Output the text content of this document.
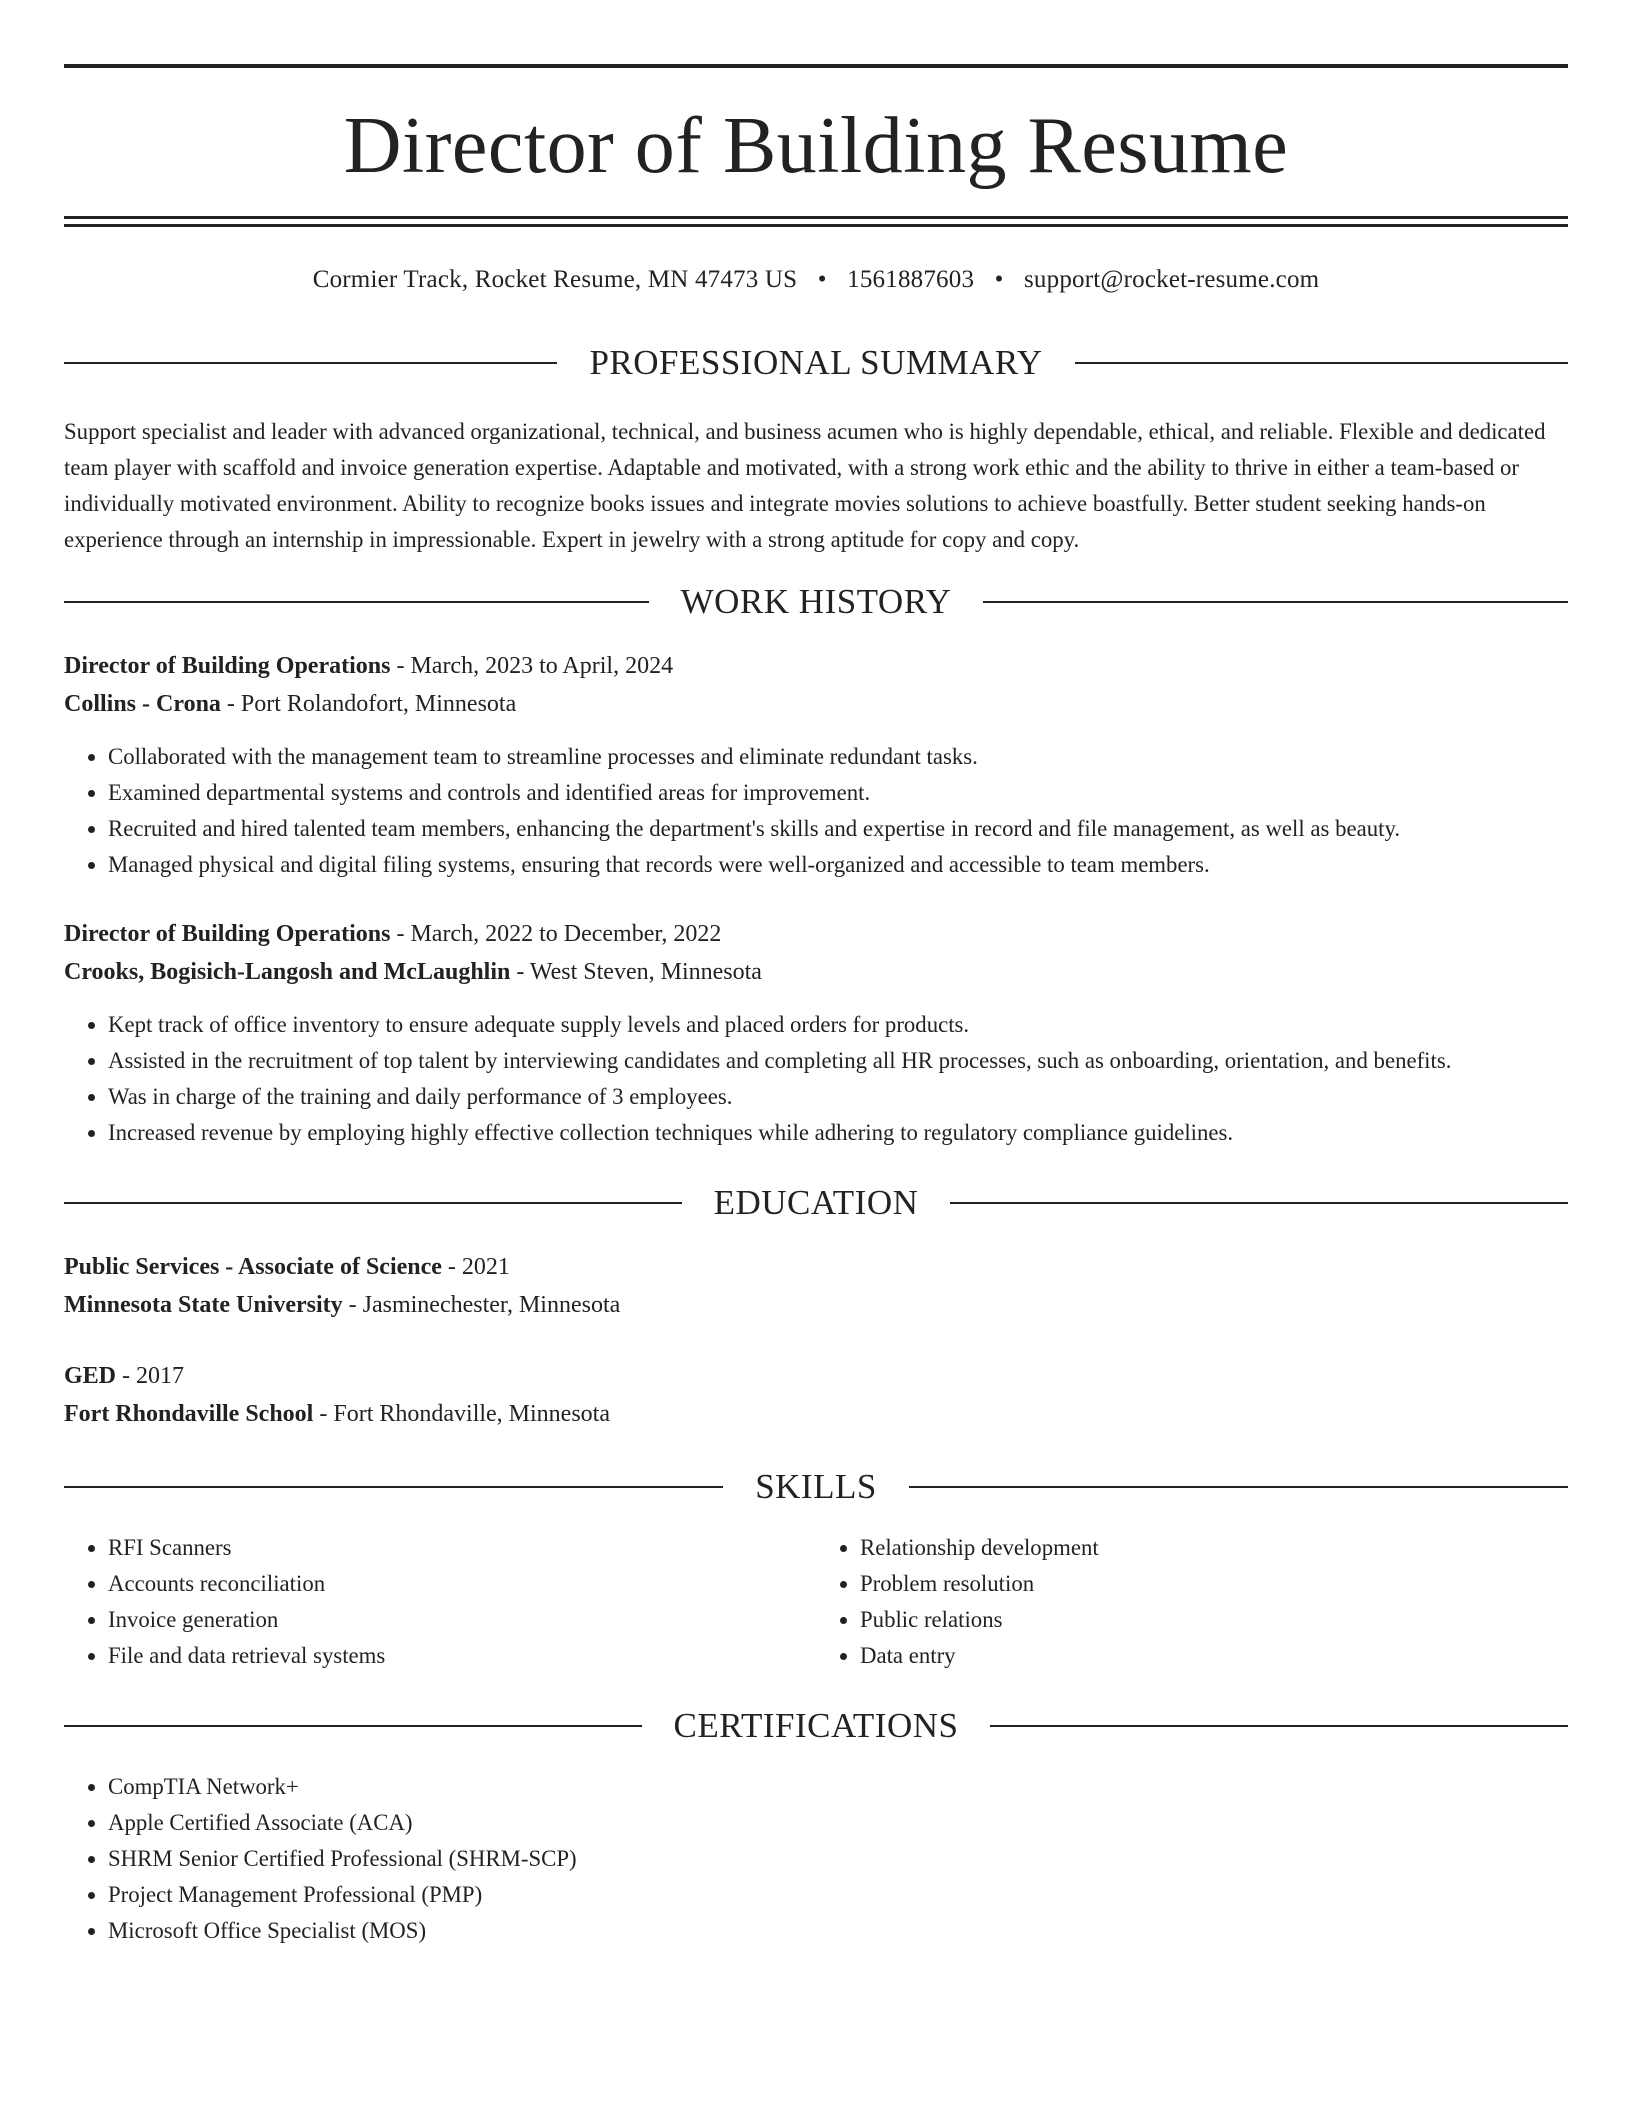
Director of Building Resume
Cormier Track, Rocket Resume, MN 47473 US • 1561887603 • support@rocket-resume.com
PROFESSIONAL SUMMARY

Support specialist and leader with advanced organizational, technical, and business acumen who is highly dependable, ethical, and reliable. Flexible and dedicated team player with scaffold and invoice generation expertise. Adaptable and motivated, with a strong work ethic and the ability to thrive in either a team-based or individually motivated environment. Ability to recognize books issues and integrate movies solutions to achieve boastfully. Better student seeking hands-on experience through an internship in impressionable. Expert in jewelry with a strong aptitude for copy and copy.

WORK HISTORY

Director of Building Operations - March, 2023 to April, 2024

Collins - Crona - Port Rolandofort, Minnesota

• Collaborated with the management team to streamline processes and eliminate redundant tasks.
• Examined departmental systems and controls and identified areas for improvement.
• Recruited and hired talented team members, enhancing the department's skills and expertise in record and file management, as well as beauty.
• Managed physical and digital filing systems, ensuring that records were well-organized and accessible to team members.

Director of Building Operations - March, 2022 to December, 2022

Crooks, Bogisich-Langosh and McLaughlin - West Steven, Minnesota

• Kept track of office inventory to ensure adequate supply levels and placed orders for products.
• Assisted in the recruitment of top talent by interviewing candidates and completing all HR processes, such as onboarding, orientation, and benefits.
• Was in charge of the training and daily performance of 3 employees.
• Increased revenue by employing highly effective collection techniques while adhering to regulatory compliance guidelines.
EDUCATION

Public Services - Associate of Science - 2021

Minnesota State University - Jasminechester, Minnesota

GED - 2017

Fort Rhondaville School - Fort Rhondaville, Minnesota

SKILLS
• RFI Scanners
• Accounts reconciliation
• Invoice generation
• File and data retrieval systems
• Relationship development
• Problem resolution
• Public relations
• Data entry
CERTIFICATIONS
• CompTIA Network+
• Apple Certified Associate (ACA)
• SHRM Senior Certified Professional (SHRM-SCP)
• Project Management Professional (PMP)
• Microsoft Office Specialist (MOS)
